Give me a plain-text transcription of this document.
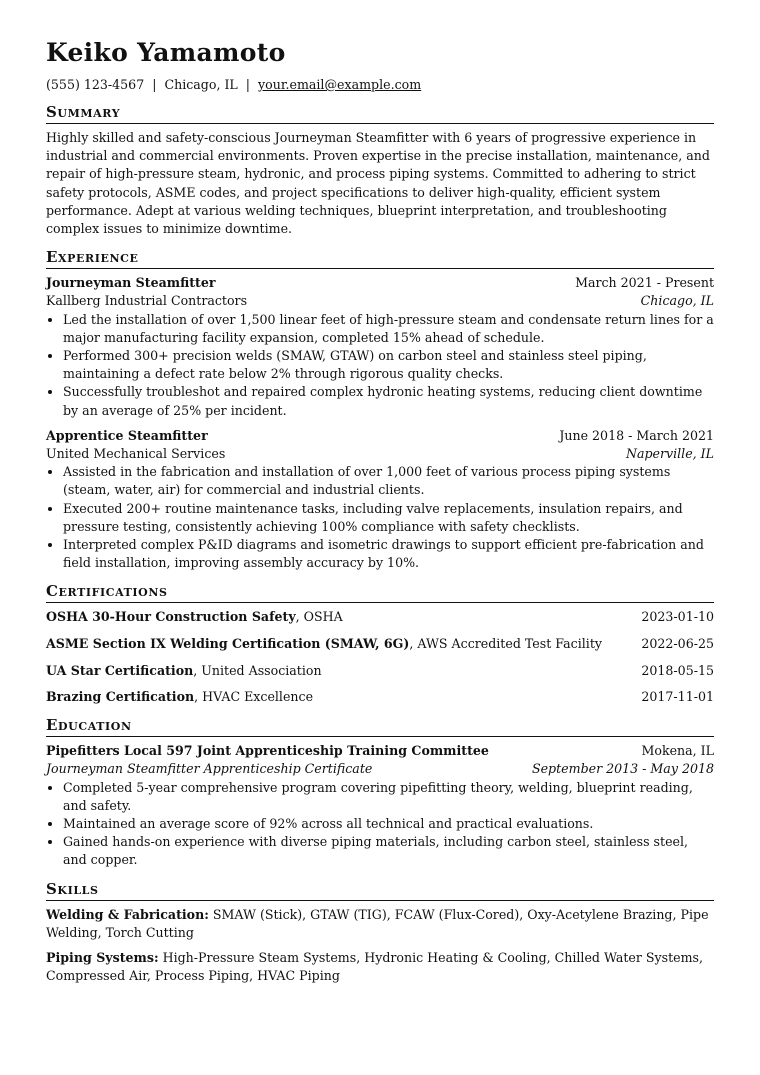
Keiko Yamamoto
(555) 123-4567 | Chicago, IL | your.email@example.com
Summary

Highly skilled and safety-conscious Journeyman Steamfitter with 6 years of progressive experience in industrial and commercial environments. Proven expertise in the precise installation, maintenance, and repair of high-pressure steam, hydronic, and process piping systems. Committed to adhering to strict safety protocols, ASME codes, and project specifications to deliver high-quality, efficient system performance. Adept at various welding techniques, blueprint interpretation, and troubleshooting complex issues to minimize downtime.

Experience
Journeyman Steamfitter	March 2021 - Present
Kallberg Industrial Contractors	Chicago, IL
• Led the installation of over 1,500 linear feet of high-pressure steam and condensate return lines for a major manufacturing facility expansion, completed 15% ahead of schedule.
• Performed 300+ precision welds (SMAW, GTAW) on carbon steel and stainless steel piping, maintaining a defect rate below 2% through rigorous quality checks.
• Successfully troubleshot and repaired complex hydronic heating systems, reducing client downtime by an average of 25% per incident.
Apprentice Steamfitter	June 2018 - March 2021
United Mechanical Services	Naperville, IL
• Assisted in the fabrication and installation of over 1,000 feet of various process piping systems (steam, water, air) for commercial and industrial clients.
• Executed 200+ routine maintenance tasks, including valve replacements, insulation repairs, and pressure testing, consistently achieving 100% compliance with safety checklists.
• Interpreted complex P&ID diagrams and isometric drawings to support efficient pre-fabrication and field installation, improving assembly accuracy by 10%.
Certifications
OSHA 30-Hour Construction Safety, OSHA	2023-01-10
ASME Section IX Welding Certification (SMAW, 6G), AWS Accredited Test Facility	2022-06-25
UA Star Certification, United Association	2018-05-15
Brazing Certification, HVAC Excellence	2017-11-01
Education
Pipefitters Local 597 Joint Apprenticeship Training Committee	Mokena, IL
Journeyman Steamfitter Apprenticeship Certificate	September 2013 - May 2018
• Completed 5-year comprehensive program covering pipefitting theory, welding, blueprint reading, and safety.
• Maintained an average score of 92% across all technical and practical evaluations.
• Gained hands-on experience with diverse piping materials, including carbon steel, stainless steel, and copper.
Skills
Welding & Fabrication: SMAW (Stick), GTAW (TIG), FCAW (Flux-Cored), Oxy-Acetylene Brazing, Pipe Welding, Torch Cutting
Piping Systems: High-Pressure Steam Systems, Hydronic Heating & Cooling, Chilled Water Systems, Compressed Air, Process Piping, HVAC Piping
